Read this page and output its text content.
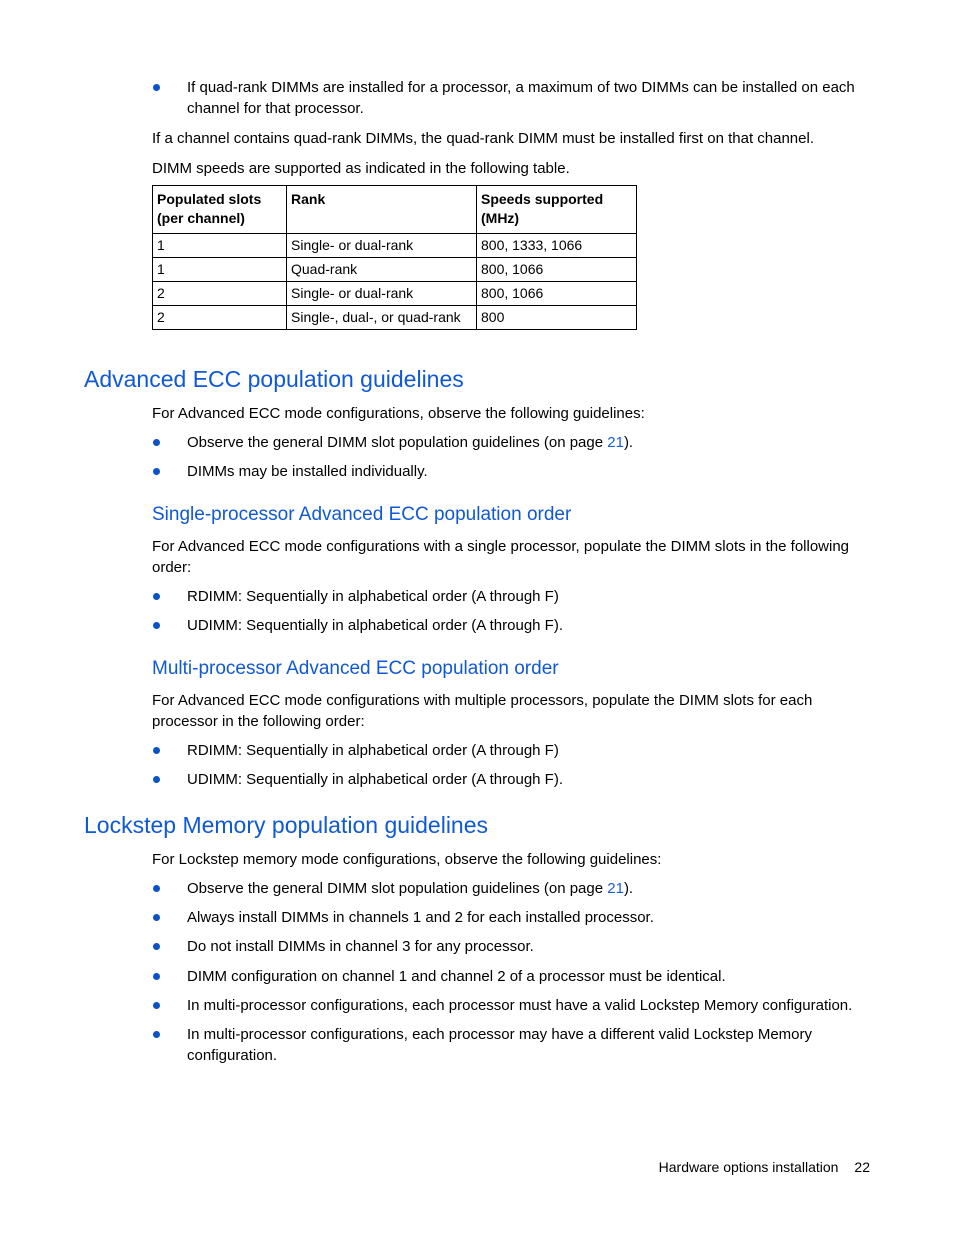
If quad-rank DIMMs are installed for a processor, a maximum of two DIMMs can be installed on each channel for that processor.

If a channel contains quad-rank DIMMs, the quad-rank DIMM must be installed first on that channel.

DIMM speeds are supported as indicated in the following table.

Populated slots (per channel)	Rank	Speeds supported (MHz)
1	Single- or dual-rank	800, 1333, 1066
1	Quad-rank	800, 1066
2	Single- or dual-rank	800, 1066
2	Single-, dual-, or quad-rank	800
Advanced ECC population guidelines

For Advanced ECC mode configurations, observe the following guidelines:

Observe the general DIMM slot population guidelines (on page 21).
DIMMs may be installed individually.
Single-processor Advanced ECC population order

For Advanced ECC mode configurations with a single processor, populate the DIMM slots in the following order:

RDIMM: Sequentially in alphabetical order (A through F)
UDIMM: Sequentially in alphabetical order (A through F).
Multi-processor Advanced ECC population order

For Advanced ECC mode configurations with multiple processors, populate the DIMM slots for each processor in the following order:

RDIMM: Sequentially in alphabetical order (A through F)
UDIMM: Sequentially in alphabetical order (A through F).
Lockstep Memory population guidelines

For Lockstep memory mode configurations, observe the following guidelines:

Observe the general DIMM slot population guidelines (on page 21).
Always install DIMMs in channels 1 and 2 for each installed processor.
Do not install DIMMs in channel 3 for any processor.
DIMM configuration on channel 1 and channel 2 of a processor must be identical.
In multi-processor configurations, each processor must have a valid Lockstep Memory configuration.
In multi-processor configurations, each processor may have a different valid Lockstep Memory configuration.
Hardware options installation 22
